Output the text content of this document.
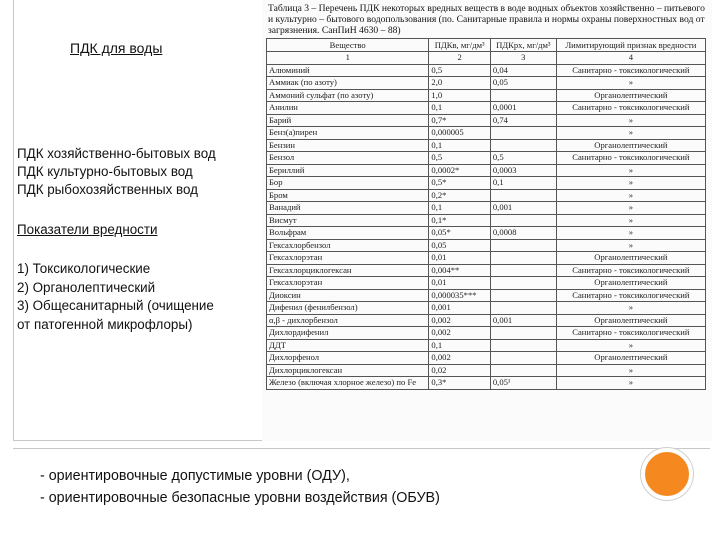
ПДК для воды
ПДК хозяйственно-бытовых вод
ПДК культурно-бытовых вод
ПДК рыбохозяйственных вод
Показатели вредности
1) Токсикологические
2) Органолептический
3) Общесанитарный (очищение
от патогенной микрофлоры)
Таблица 3 – Перечень ПДК некоторых вредных веществ в воде водных объектов хозяйственно – питьевого и культурно – бытового водопользования (по. Санитарные правила и нормы охраны поверхностных вод от загрязнения. СанПиН 4630 – 88)
Вещество	ПДКв, мг/дм³	ПДКрх, мг/дм³	Лимитирующий признак вредности
1	2	3	4
Алюминий	0,5	0,04	Санитарно - токсикологический
Аммиак (по азоту)	2,0	0,05	»
Аммоний сульфат (по азоту)	1,0		Органолептический
Анилин	0,1	0,0001	Санитарно - токсикологический
Барий	0,7*	0,74	»
Бенз(а)пирен	0,000005		»
Бензин	0,1		Органолептический
Бензол	0,5	0,5	Санитарно - токсикологический
Бериллий	0,0002*	0,0003	»
Бор	0,5*	0,1	»
Бром	0,2*		»
Ванадий	0,1	0,001	»
Висмут	0,1*		»
Вольфрам	0,05*	0,0008	»
Гексахлорбензол	0,05		»
Гексахлорэтан	0,01		Органолептический
Гексахлорциклогексан	0,004**		Санитарно - токсикологический
Гексахлорэтан	0,01		Органолептический
Диоксин	0,000035***		Санитарно - токсикологический
Дифенил (фенилбензол)	0,001		»
α,β - дихлорбензол	0,002	0,001	Органолептический
Дихлордифенил	0,002		Санитарно - токсикологический
ДДТ	0,1		»
Дихлорфенол	0,002		Органолептический
Дихлорциклогексан	0,02		»
Железо (включая хлорное железо) по Fe	0,3*	0,05¹	»
- ориентировочные допустимые уровни (ОДУ),
- ориентировочные безопасные уровни воздействия (ОБУВ)
